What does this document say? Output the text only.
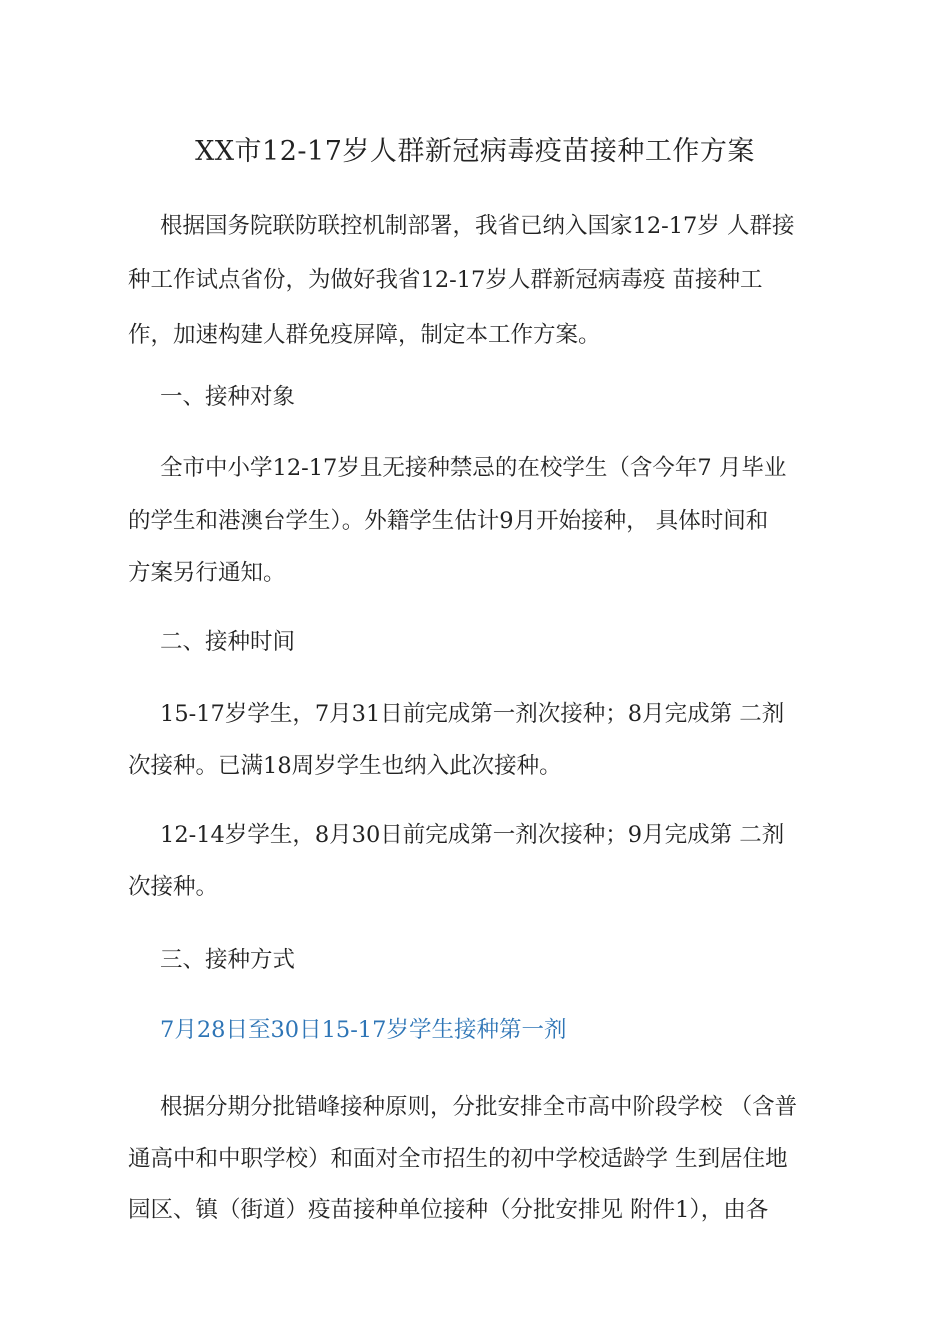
XX市12-17岁人群新冠病毒疫苗接种工作方案
根据国务院联防联控机制部署，我省已纳入国家12-17岁 人群接
种工作试点省份，为做好我省12-17岁人群新冠病毒疫 苗接种工
作，加速构建人群免疫屏障，制定本工作方案。
一、接种对象
全市中小学12-17岁且无接种禁忌的在校学生（含今年7 月毕业
的学生和港澳台学生）。外籍学生估计9月开始接种， 具体时间和
方案另行通知。
二、接种时间
15-17岁学生，7月31日前完成第一剂次接种；8月完成第 二剂
次接种。已满18周岁学生也纳入此次接种。
12-14岁学生，8月30日前完成第一剂次接种；9月完成第 二剂
次接种。
三、接种方式
7月28日至30日15-17岁学生接种第一剂
根据分期分批错峰接种原则，分批安排全市高中阶段学校 （含普
通高中和中职学校）和面对全市招生的初中学校适龄学 生到居住地
园区、镇（街道）疫苗接种单位接种（分批安排见 附件1），由各
